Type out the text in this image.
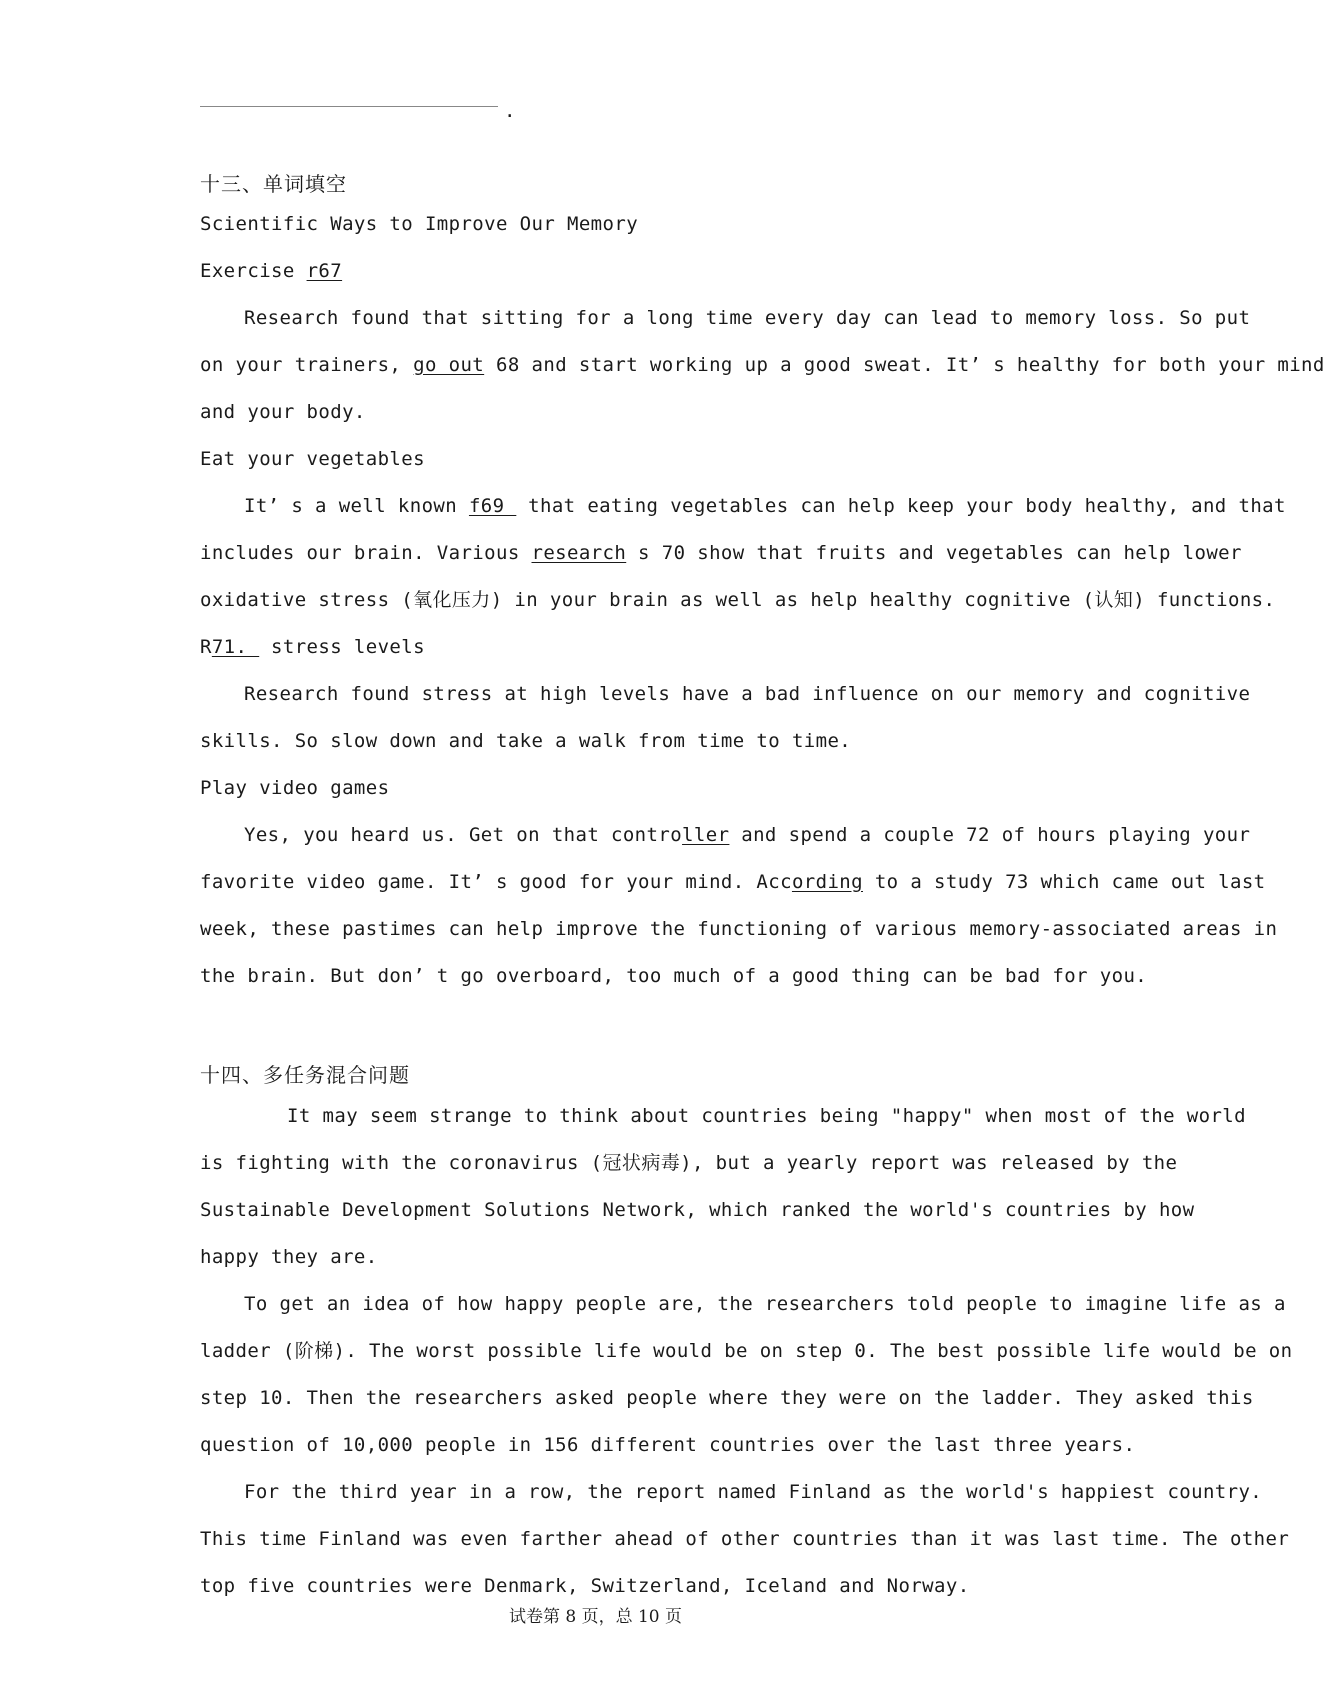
.
十三、单词填空
Scientific Ways to Improve Our Memory
Exercise r67
Research found that sitting for a long time every day can lead to memory loss. So put
on your trainers, go out 68 and start working up a good sweat. It’ s healthy for both your mind
and your body.
Eat your vegetables
It’ s a well known f69  that eating vegetables can help keep your body healthy, and that
includes our brain. Various research s 70 show that fruits and vegetables can help lower
oxidative stress (氧化压力) in your brain as well as help healthy cognitive (认知) functions.
R71.  stress levels
Research found stress at high levels have a bad influence on our memory and cognitive
skills. So slow down and take a walk from time to time.
Play video games
Yes, you heard us. Get on that controller and spend a couple 72 of hours playing your
favorite video game. It’ s good for your mind. According to a study 73 which came out last
week, these pastimes can help improve the functioning of various memory-associated areas in
the brain. But don’ t go overboard, too much of a good thing can be bad for you.
十四、多任务混合问题
It may seem strange to think about countries being "happy" when most of the world
is fighting with the coronavirus (冠状病毒), but a yearly report was released by the
Sustainable Development Solutions Network, which ranked the world's countries by how
happy they are.
To get an idea of how happy people are, the researchers told people to imagine life as a
ladder (阶梯). The worst possible life would be on step 0. The best possible life would be on
step 10. Then the researchers asked people where they were on the ladder. They asked this
question of 10,000 people in 156 different countries over the last three years.
For the third year in a row, the report named Finland as the world's happiest country.
This time Finland was even farther ahead of other countries than it was last time. The other
top five countries were Denmark, Switzerland, Iceland and Norway.
试卷第 8 页，总 10 页
